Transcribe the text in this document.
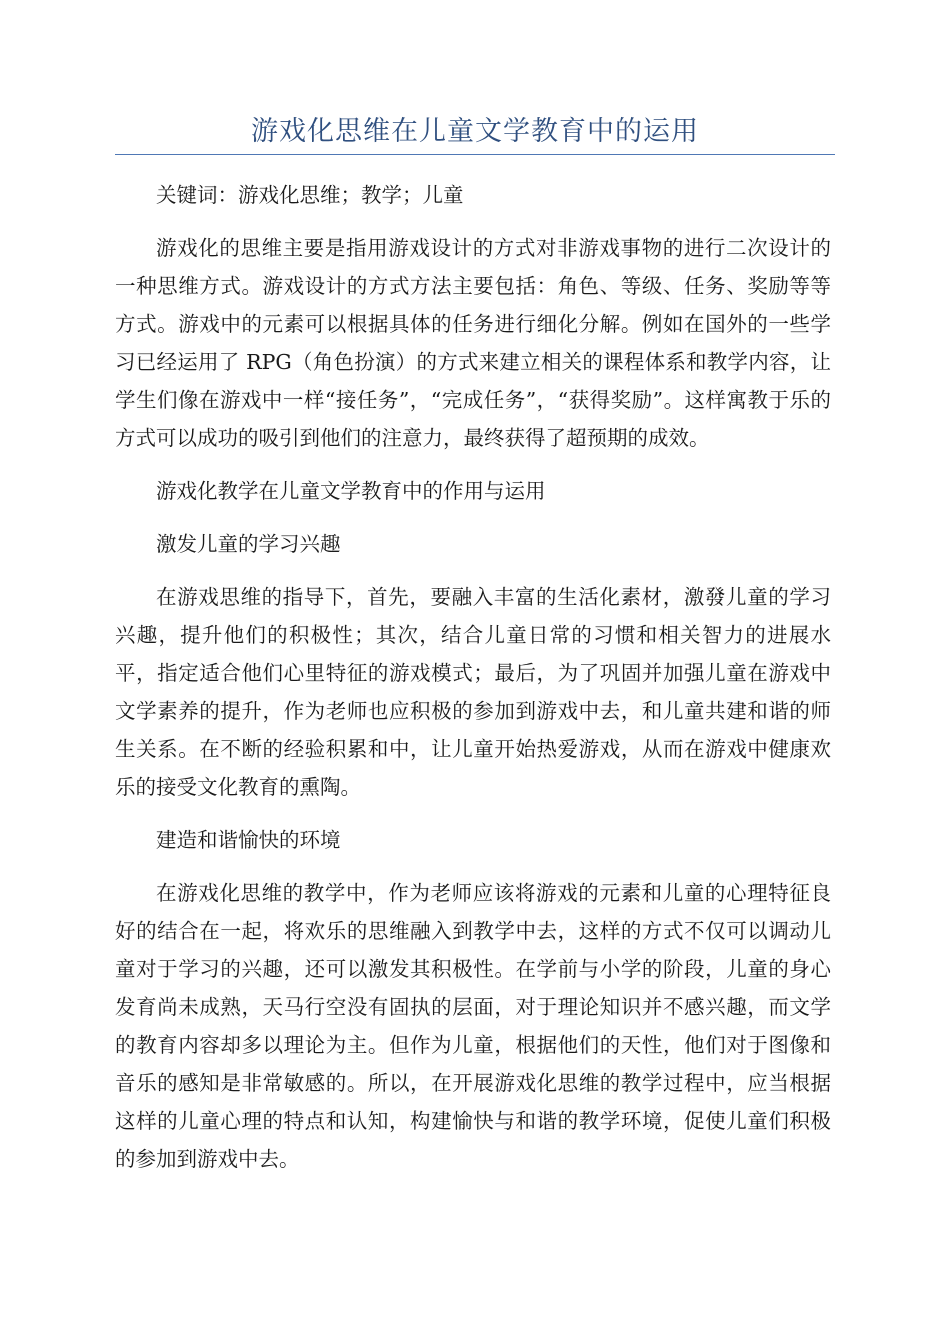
游戏化思维在儿童文学教育中的运用

关键词：游戏化思维；教学；儿童

游戏化的思维主要是指用游戏设计的方式对非游戏事物的进行二次设计的一种思维方式。游戏设计的方式方法主要包括：角色、等级、任务、奖励等等方式。游戏中的元素可以根据具体的任务进行细化分解。例如在国外的一些学习已经运用了 RPG（角色扮演）的方式来建立相关的课程体系和教学内容，让学生们像在游戏中一样“接任务”，“完成任务”，“获得奖励”。这样寓教于乐的方式可以成功的吸引到他们的注意力，最终获得了超预期的成效。

游戏化教学在儿童文学教育中的作用与运用

激发儿童的学习兴趣

在游戏思维的指导下，首先，要融入丰富的生活化素材，激發儿童的学习兴趣，提升他们的积极性；其次，结合儿童日常的习惯和相关智力的进展水平，指定适合他们心里特征的游戏模式；最后，为了巩固并加强儿童在游戏中文学素养的提升，作为老师也应积极的参加到游戏中去，和儿童共建和谐的师生关系。在不断的经验积累和中，让儿童开始热爱游戏，从而在游戏中健康欢乐的接受文化教育的熏陶。

建造和谐愉快的环境

在游戏化思维的教学中，作为老师应该将游戏的元素和儿童的心理特征良好的结合在一起，将欢乐的思维融入到教学中去，这样的方式不仅可以调动儿童对于学习的兴趣，还可以激发其积极性。在学前与小学的阶段，儿童的身心发育尚未成熟，天马行空没有固执的层面，对于理论知识并不感兴趣，而文学的教育内容却多以理论为主。但作为儿童，根据他们的天性，他们对于图像和音乐的感知是非常敏感的。所以，在开展游戏化思维的教学过程中，应当根据这样的儿童心理的特点和认知，构建愉快与和谐的教学环境，促使儿童们积极的参加到游戏中去。
